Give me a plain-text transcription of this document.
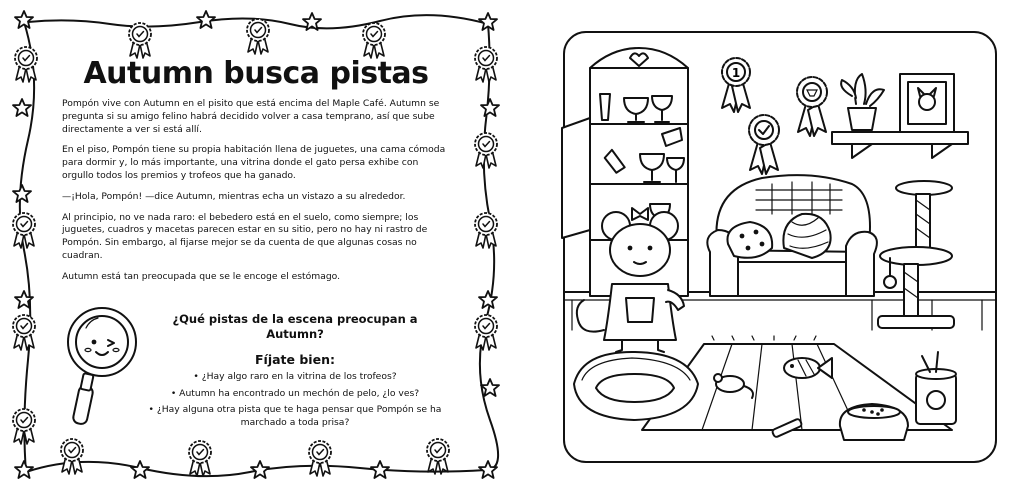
Autumn busca pistas

Pompón vive con Autumn en el pisito que está encima del Maple Café. Autumn se pregunta si su amigo felino habrá decidido volver a casa temprano, así que sube directamente a ver si está allí.

En el piso, Pompón tiene su propia habitación llena de juguetes, una cama cómoda para dormir y, lo más importante, una vitrina donde el gato persa exhibe con orgullo todos los premios y trofeos que ha ganado.

—¡Hola, Pompón! —dice Autumn, mientras echa un vistazo a su alrededor.

Al principio, no ve nada raro: el bebedero está en el suelo, como siempre; los juguetes, cuadros y macetas parecen estar en su sitio, pero no hay ni rastro de Pompón. Sin embargo, al fijarse mejor se da cuenta de que algunas cosas no cuadran.

Autumn está tan preocupada que se le encoge el estómago.

¿Qué pistas de la escena preocupan a Autumn?
Fíjate bien:
• ¿Hay algo raro en la vitrina de los trofeos?
• Autumn ha encontrado un mechón de pelo, ¿lo ves?
• ¿Hay alguna otra pista que te haga pensar que Pompón se ha marchado a toda prisa?
1
